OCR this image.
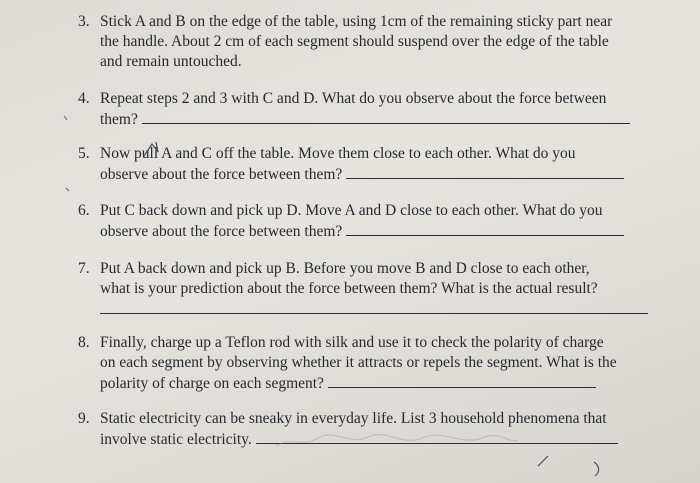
3. Stick A and B on the edge of the table, using 1cm of the remaining sticky part near
the handle. About 2 cm of each segment should suspend over the edge of the table
and remain untouched.
4. Repeat steps 2 and 3 with C and D. What do you observe about the force between
them?
5. Now pull A and C off the table. Move them close to each other. What do you
observe about the force between them?
6. Put C back down and pick up D. Move A and D close to each other. What do you
observe about the force between them?
7. Put A back down and pick up B. Before you move B and D close to each other,
what is your prediction about the force between them? What is the actual result?
8. Finally, charge up a Teflon rod with silk and use it to check the polarity of charge
on each segment by observing whether it attracts or repels the segment. What is the
polarity of charge on each segment?
9. Static electricity can be sneaky in everyday life. List 3 household phenomena that
involve static electricity.
